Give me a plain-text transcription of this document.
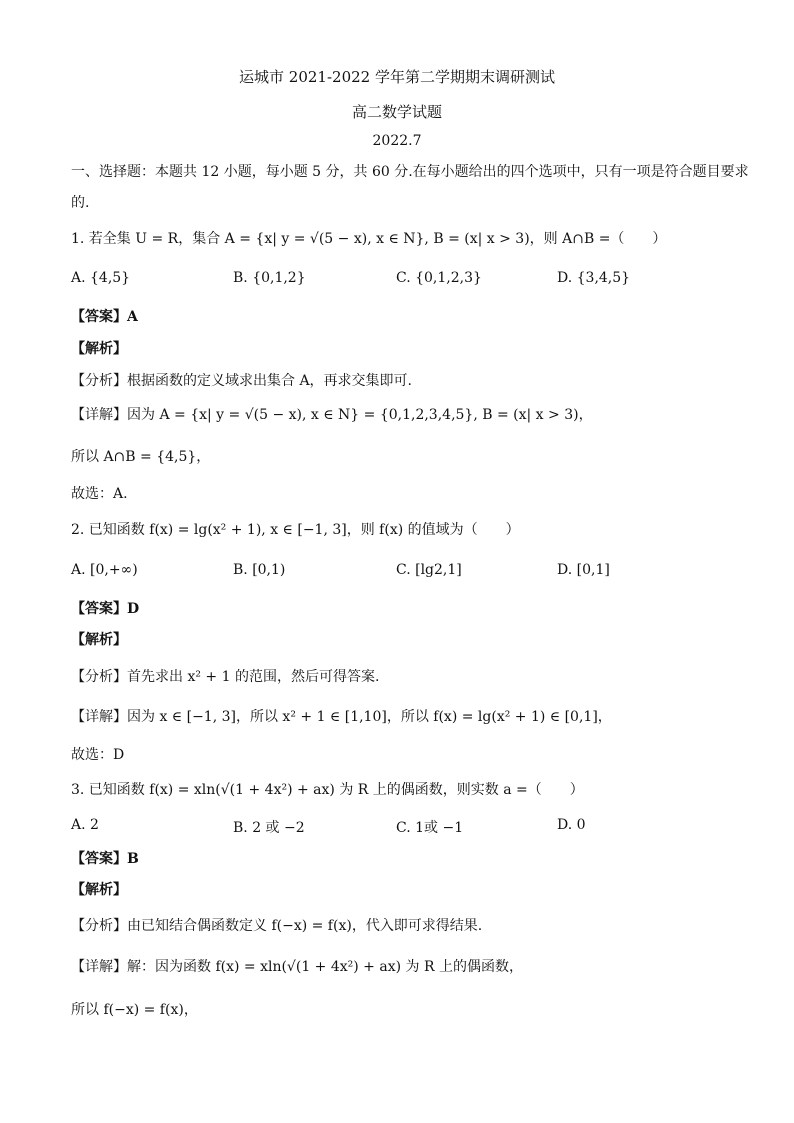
运城市 2021-2022 学年第二学期期末调研测试
高二数学试题
2022.7
一、选择题：本题共 12 小题，每小题 5 分，共 60 分.在每小题给出的四个选项中，只有一项是符合题目要求
的.
1. 若全集 U = R，集合 A = {x| y = √(5 − x), x ∈ N}, B = (x| x > 3)，则 A∩B =（　　）
A. {4,5}	B. {0,1,2}	C. {0,1,2,3}	D. {3,4,5}
【答案】A
【解析】
【分析】根据函数的定义域求出集合 A，再求交集即可.
【详解】因为 A = {x| y = √(5 − x), x ∈ N} = {0,1,2,3,4,5}, B = (x| x > 3)，
所以 A∩B = {4,5}，
故选：A.
2. 已知函数 f(x) = lg(x² + 1), x ∈ [−1, 3]，则 f(x) 的值域为（　　）
A. [0,+∞)	B. [0,1)	C. [lg2,1]	D. [0,1]
【答案】D
【解析】
【分析】首先求出 x² + 1 的范围，然后可得答案.
【详解】因为 x ∈ [−1, 3]，所以 x² + 1 ∈ [1,10]，所以 f(x) = lg(x² + 1) ∈ [0,1]，
故选：D
3. 已知函数 f(x) = xln(√(1 + 4x²) + ax) 为 R 上的偶函数，则实数 a =（　　）
A. 2	B. 2 或 −2	C. 1或 −1	D. 0
【答案】B
【解析】
【分析】由已知结合偶函数定义 f(−x) = f(x)，代入即可求得结果.
【详解】解：因为函数 f(x) = xln(√(1 + 4x²) + ax) 为 R 上的偶函数，
所以 f(−x) = f(x)，
